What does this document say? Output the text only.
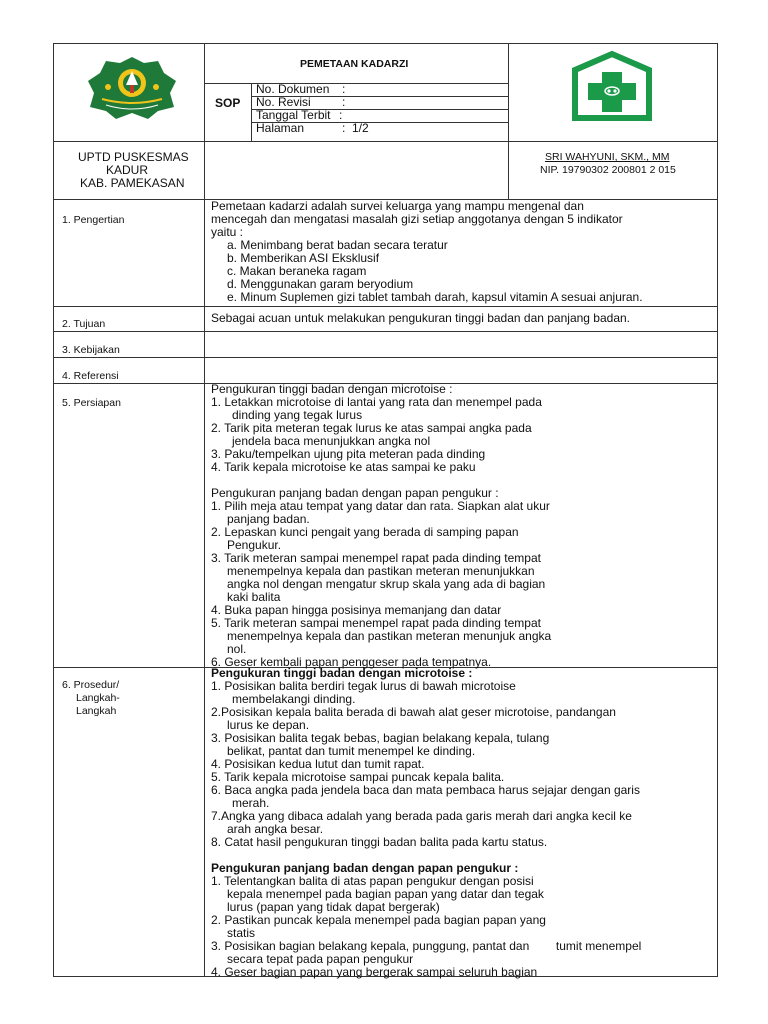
PEMETAAN KADARZI
SOP
No. Dokumen :
No. Revisi	:
Tanggal Terbit :
Halaman	: 1/2
UPTD PUSKESMAS
KADUR
KAB. PAMEKASAN
SRI WAHYUNI, SKM., MM
NIP. 19790302 200801 2 015
1. Pengertian
2. Tujuan
3. Kebijakan
4. Referensi
5. Persiapan
6. Prosedur/
Langkah-
Langkah
Pemetaan kadarzi adalah survei keluarga yang mampu mengenal dan
mencegah dan mengatasi masalah gizi setiap anggotanya dengan 5 indikator
yaitu :
a. Menimbang berat badan secara teratur
b. Memberikan ASI Eksklusif
c. Makan beraneka ragam
d. Menggunakan garam beryodium
e. Minum Suplemen gizi tablet tambah darah, kapsul vitamin A sesuai anjuran.
Sebagai acuan untuk melakukan pengukuran tinggi badan dan panjang badan.
Pengukuran tinggi badan dengan microtoise :
1. Letakkan microtoise di lantai yang rata dan menempel pada
dinding yang tegak lurus
2. Tarik pita meteran tegak lurus ke atas sampai angka pada
jendela baca menunjukkan angka nol
3. Paku/tempelkan ujung pita meteran pada dinding
4. Tarik kepala microtoise ke atas sampai ke paku
Pengukuran panjang badan dengan papan pengukur :
1. Pilih meja atau tempat yang datar dan rata. Siapkan alat ukur
panjang badan.
2. Lepaskan kunci pengait yang berada di samping papan
Pengukur.
3. Tarik meteran sampai menempel rapat pada dinding tempat
menempelnya kepala dan pastikan meteran menunjukkan
angka nol dengan mengatur skrup skala yang ada di bagian
kaki balita
4. Buka papan hingga posisinya memanjang dan datar
5. Tarik meteran sampai menempel rapat pada dinding tempat
menempelnya kepala dan pastikan meteran menunjuk angka
nol.
6. Geser kembali papan penggeser pada tempatnya.
Pengukuran tinggi badan dengan microtoise :
1. Posisikan balita berdiri tegak lurus di bawah microtoise
membelakangi dinding.
2.Posisikan kepala balita berada di bawah alat geser microtoise, pandangan
lurus ke depan.
3. Posisikan balita tegak bebas, bagian belakang kepala, tulang
belikat, pantat dan tumit menempel ke dinding.
4. Posisikan kedua lutut dan tumit rapat.
5. Tarik kepala microtoise sampai puncak kepala balita.
6. Baca angka pada jendela baca dan mata pembaca harus sejajar dengan garis
merah.
7.Angka yang dibaca adalah yang berada pada garis merah dari angka kecil ke
arah angka besar.
8. Catat hasil pengukuran tinggi badan balita pada kartu status.
Pengukuran panjang badan dengan papan pengukur :
1. Telentangkan balita di atas papan pengukur dengan posisi
kepala menempel pada bagian papan yang datar dan tegak
lurus (papan yang tidak dapat bergerak)
2. Pastikan puncak kepala menempel pada bagian papan yang
statis
3. Posisikan bagian belakang kepala, punggung, pantat dan        tumit menempel
secara tepat pada papan pengukur
4. Geser bagian papan yang bergerak sampai seluruh bagian
